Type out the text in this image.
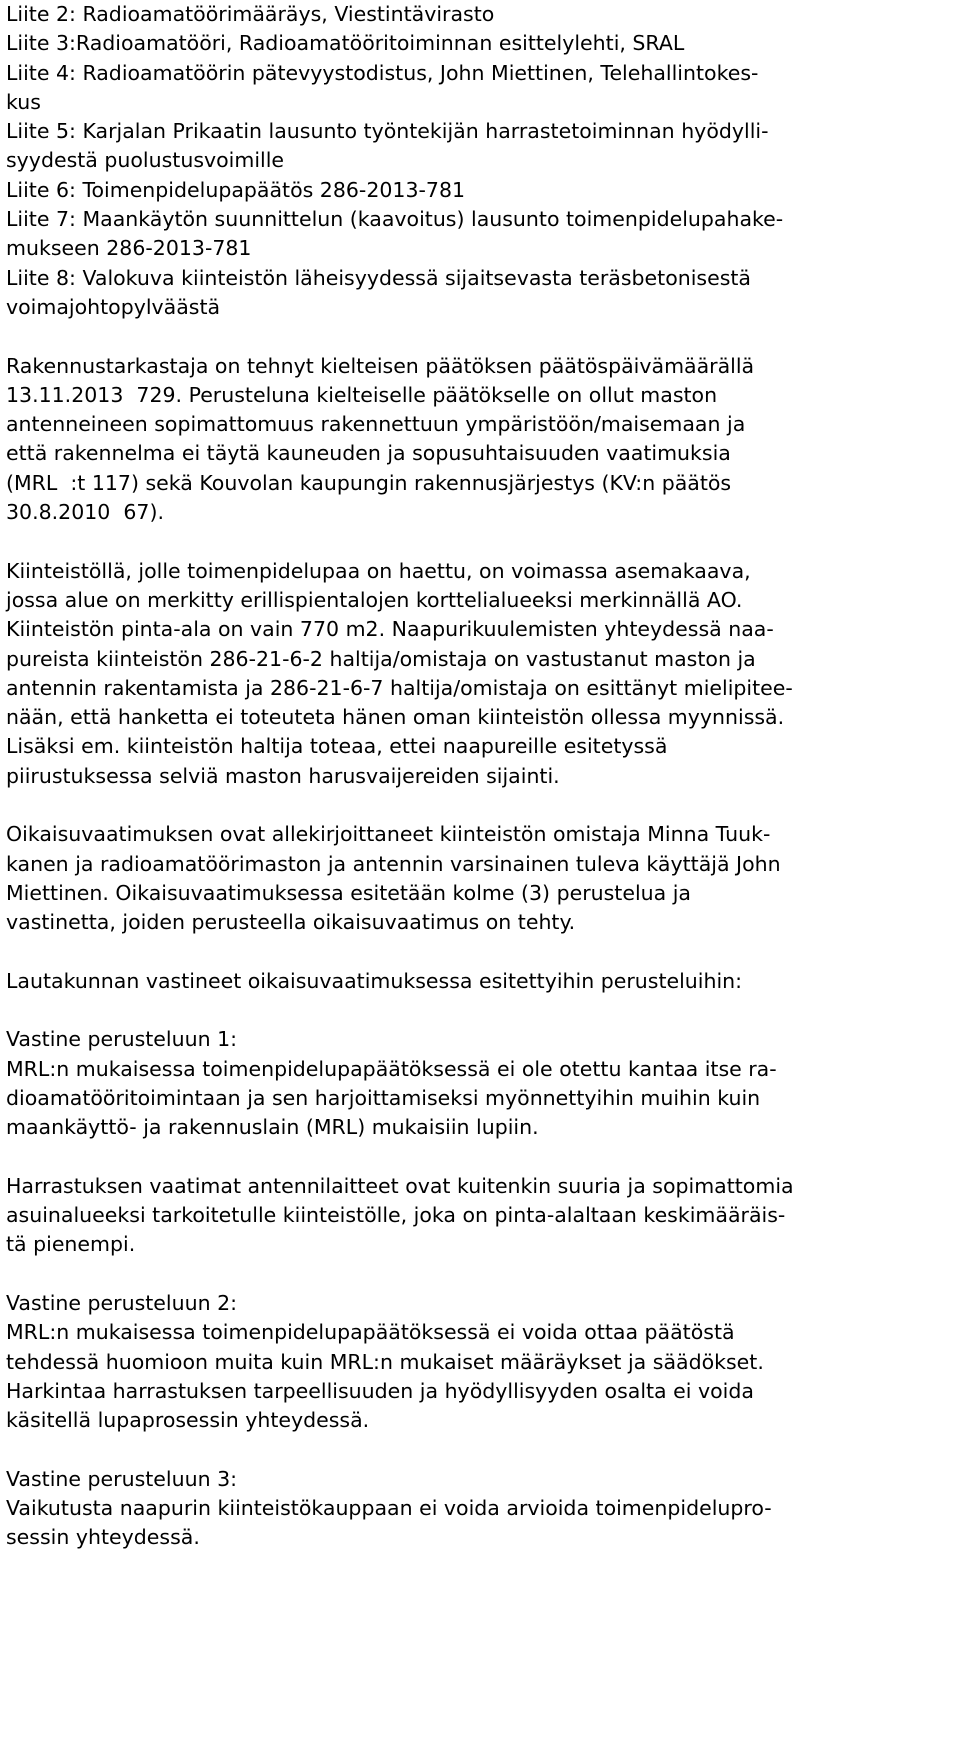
Liite 2: Radioamatöörimääräys, Viestintävirasto
Liite 3:Radioamatööri, Radioamatööritoiminnan esittelylehti, SRAL
Liite 4: Radioamatöörin pätevyystodistus, John Miettinen, Telehallintokes-
kus
Liite 5: Karjalan Prikaatin lausunto työntekijän harrastetoiminnan hyödylli-
syydestä puolustusvoimille
Liite 6: Toimenpidelupapäätös 286-2013-781
Liite 7: Maankäytön suunnittelun (kaavoitus) lausunto toimenpidelupahake-
mukseen 286-2013-781
Liite 8: Valokuva kiinteistön läheisyydessä sijaitsevasta teräsbetonisestä
voimajohtopylväästä
Rakennustarkastaja on tehnyt kielteisen päätöksen päätöspäivämäärällä
13.11.2013  729. Perusteluna kielteiselle päätökselle on ollut maston
antenneineen sopimattomuus rakennettuun ympäristöön/maisemaan ja
että rakennelma ei täytä kauneuden ja sopusuhtaisuuden vaatimuksia
(MRL  :t 117) sekä Kouvolan kaupungin rakennusjärjestys (KV:n päätös
30.8.2010  67).
Kiinteistöllä, jolle toimenpidelupaa on haettu, on voimassa asemakaava,
jossa alue on merkitty erillispientalojen korttelialueeksi merkinnällä AO.
Kiinteistön pinta-ala on vain 770 m2. Naapurikuulemisten yhteydessä naa-
pureista kiinteistön 286-21-6-2 haltija/omistaja on vastustanut maston ja
antennin rakentamista ja 286-21-6-7 haltija/omistaja on esittänyt mielipitee-
nään, että hanketta ei toteuteta hänen oman kiinteistön ollessa myynnissä.
Lisäksi em. kiinteistön haltija toteaa, ettei naapureille esitetyssä
piirustuksessa selviä maston harusvaijereiden sijainti.
Oikaisuvaatimuksen ovat allekirjoittaneet kiinteistön omistaja Minna Tuuk-
kanen ja radioamatöörimaston ja antennin varsinainen tuleva käyttäjä John
Miettinen. Oikaisuvaatimuksessa esitetään kolme (3) perustelua ja
vastinetta, joiden perusteella oikaisuvaatimus on tehty.
Lautakunnan vastineet oikaisuvaatimuksessa esitettyihin perusteluihin:
Vastine perusteluun 1:
MRL:n mukaisessa toimenpidelupapäätöksessä ei ole otettu kantaa itse ra-
dioamatööritoimintaan ja sen harjoittamiseksi myönnettyihin muihin kuin
maankäyttö- ja rakennuslain (MRL) mukaisiin lupiin.
Harrastuksen vaatimat antennilaitteet ovat kuitenkin suuria ja sopimattomia
asuinalueeksi tarkoitetulle kiinteistölle, joka on pinta-alaltaan keskimääräis-
tä pienempi.
Vastine perusteluun 2:
MRL:n mukaisessa toimenpidelupapäätöksessä ei voida ottaa päätöstä
tehdessä huomioon muita kuin MRL:n mukaiset määräykset ja säädökset.
Harkintaa harrastuksen tarpeellisuuden ja hyödyllisyyden osalta ei voida
käsitellä lupaprosessin yhteydessä.
Vastine perusteluun 3:
Vaikutusta naapurin kiinteistökauppaan ei voida arvioida toimenpidelupro-
sessin yhteydessä.
